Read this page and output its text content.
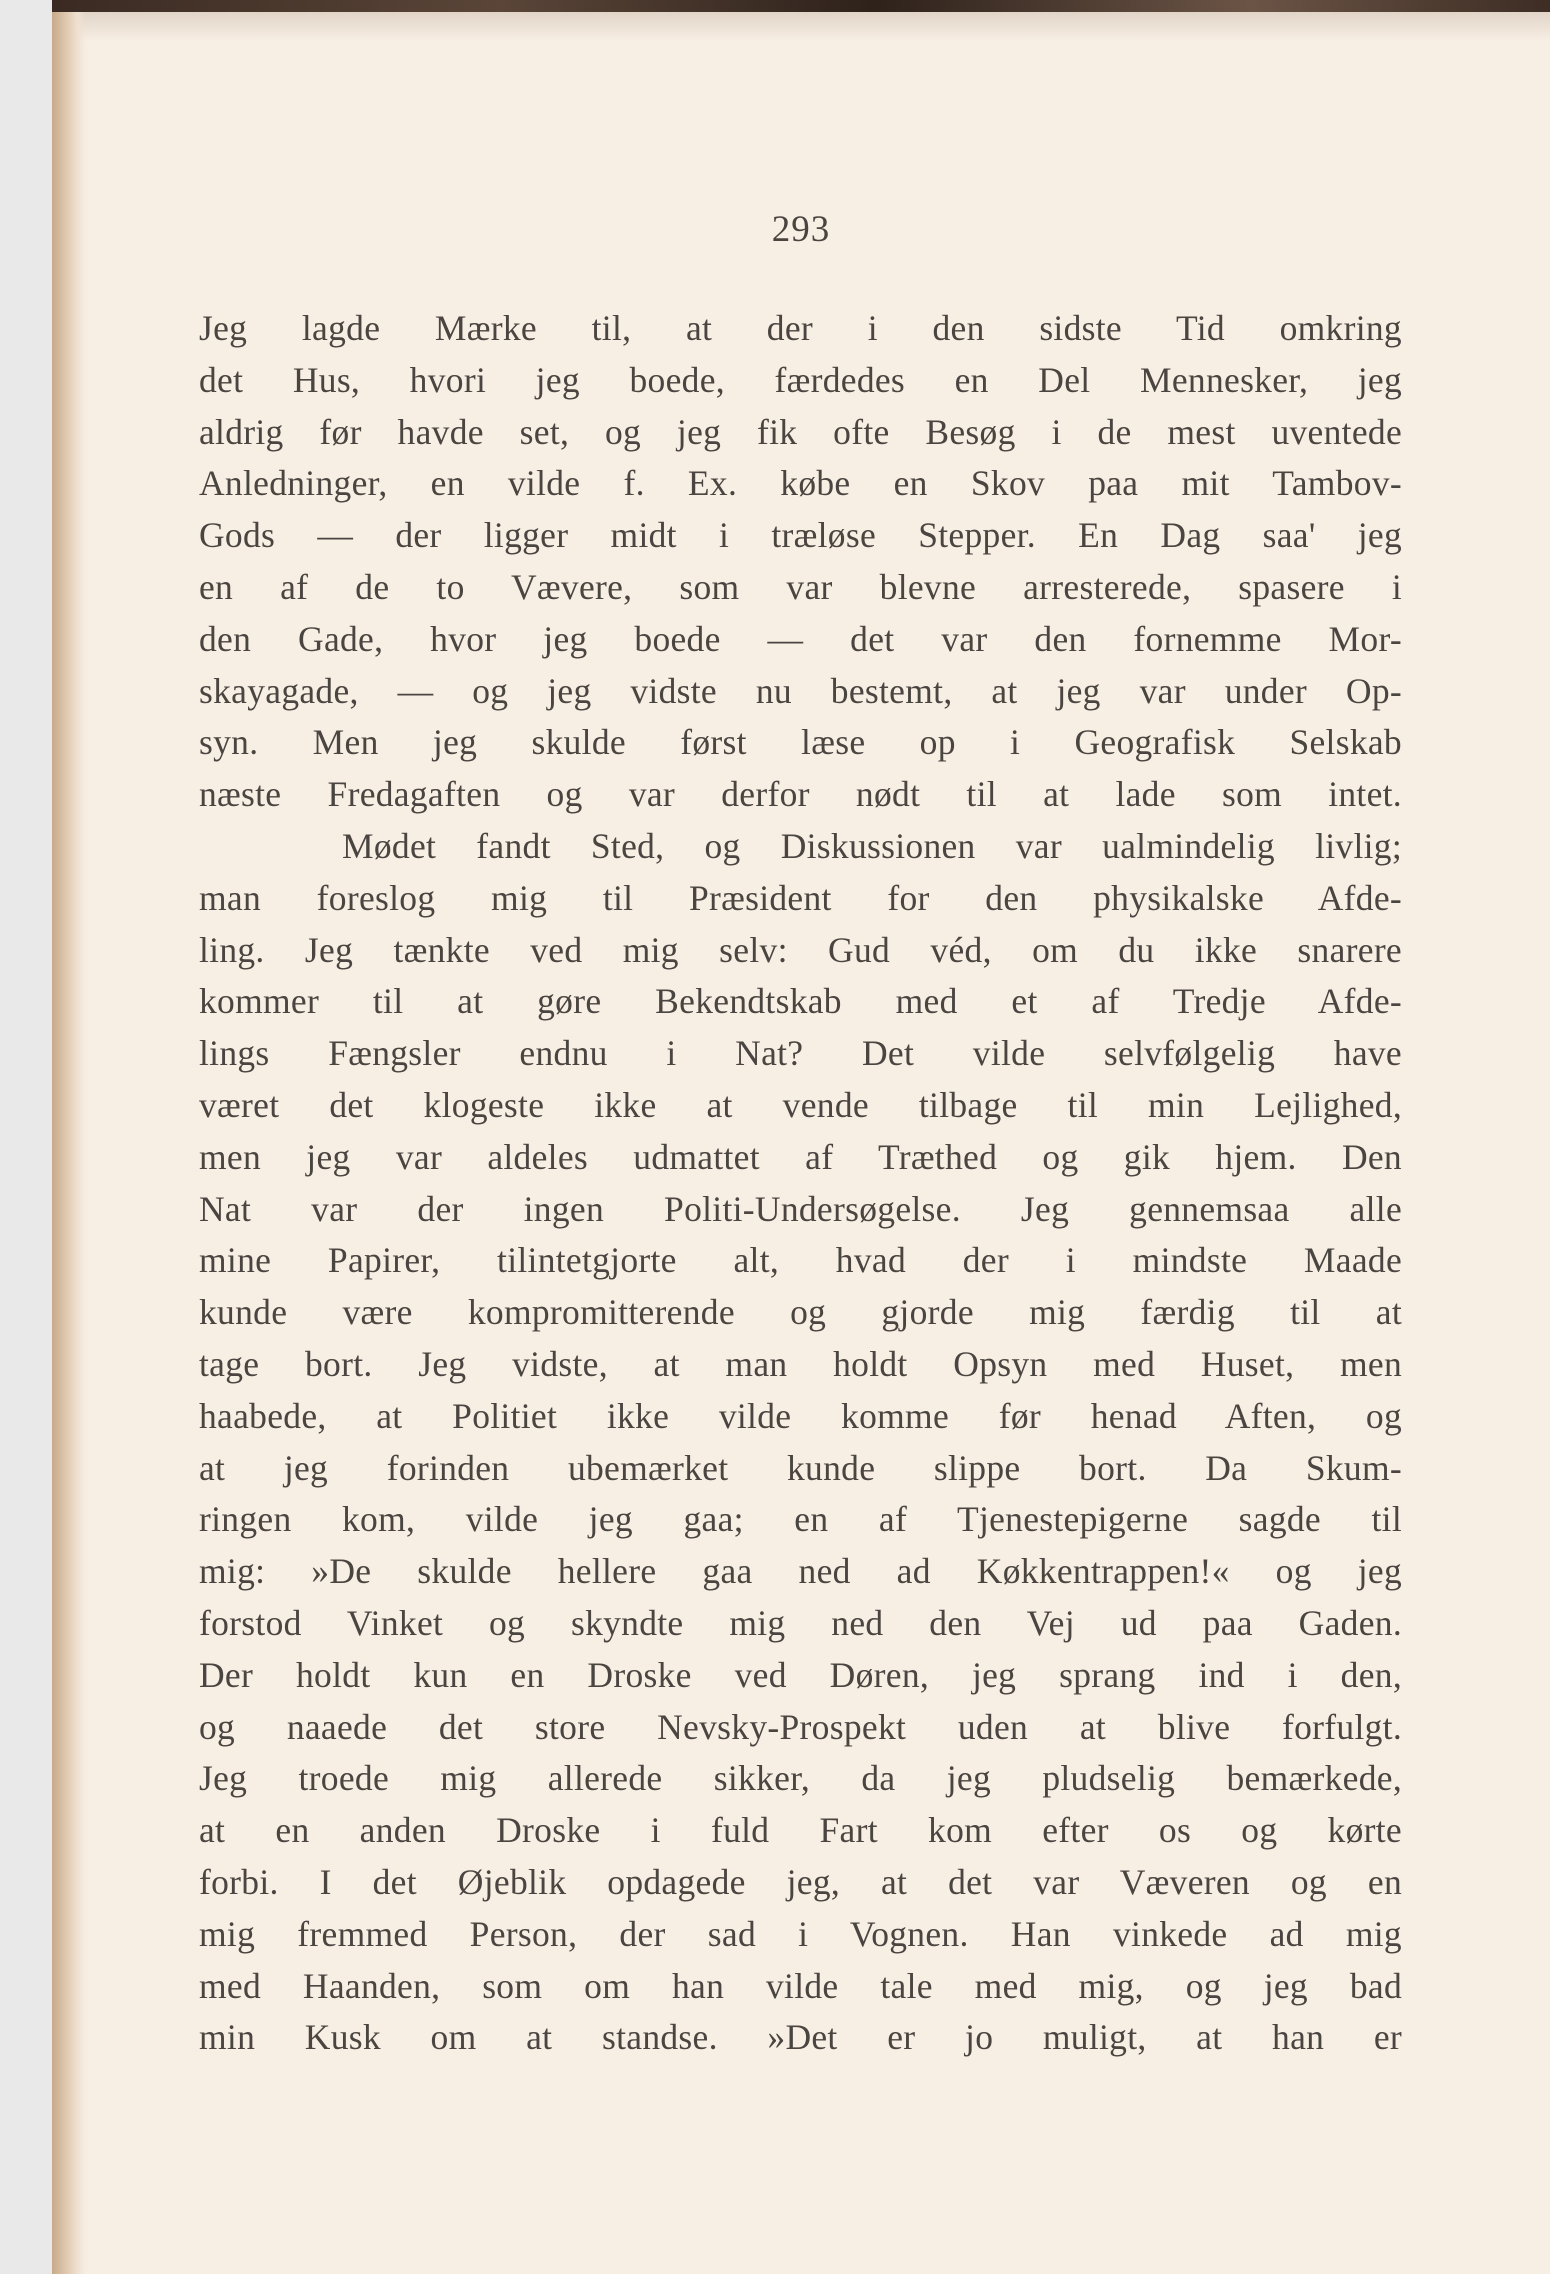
293
Jeg lagde Mærke til, at der i den sidste Tid omkring
det Hus, hvori jeg boede, færdedes en Del Mennesker, jeg
aldrig før havde set, og jeg fik ofte Besøg i de mest uventede
Anledninger, en vilde f. Ex. købe en Skov paa mit Tambov-
Gods — der ligger midt i træløse Stepper. En Dag saa' jeg
en af de to Vævere, som var blevne arresterede, spasere i
den Gade, hvor jeg boede — det var den fornemme Mor-
skayagade, — og jeg vidste nu bestemt, at jeg var under Op-
syn. Men jeg skulde først læse op i Geografisk Selskab
næste Fredagaften og var derfor nødt til at lade som intet.
Mødet fandt Sted, og Diskussionen var ualmindelig livlig;
man foreslog mig til Præsident for den physikalske Afde-
ling. Jeg tænkte ved mig selv: Gud véd, om du ikke snarere
kommer til at gøre Bekendtskab med et af Tredje Afde-
lings Fængsler endnu i Nat? Det vilde selvfølgelig have
været det klogeste ikke at vende tilbage til min Lejlighed,
men jeg var aldeles udmattet af Træthed og gik hjem. Den
Nat var der ingen Politi-Undersøgelse. Jeg gennemsaa alle
mine Papirer, tilintetgjorte alt, hvad der i mindste Maade
kunde være kompromitterende og gjorde mig færdig til at
tage bort. Jeg vidste, at man holdt Opsyn med Huset, men
haabede, at Politiet ikke vilde komme før henad Aften, og
at jeg forinden ubemærket kunde slippe bort. Da Skum-
ringen kom, vilde jeg gaa; en af Tjenestepigerne sagde til
mig: »De skulde hellere gaa ned ad Køkkentrappen!« og jeg
forstod Vinket og skyndte mig ned den Vej ud paa Gaden.
Der holdt kun en Droske ved Døren, jeg sprang ind i den,
og naaede det store Nevsky-Prospekt uden at blive forfulgt.
Jeg troede mig allerede sikker, da jeg pludselig bemærkede,
at en anden Droske i fuld Fart kom efter os og kørte
forbi. I det Øjeblik opdagede jeg, at det var Væveren og en
mig fremmed Person, der sad i Vognen. Han vinkede ad mig
med Haanden, som om han vilde tale med mig, og jeg bad
min Kusk om at standse. »Det er jo muligt, at han er
